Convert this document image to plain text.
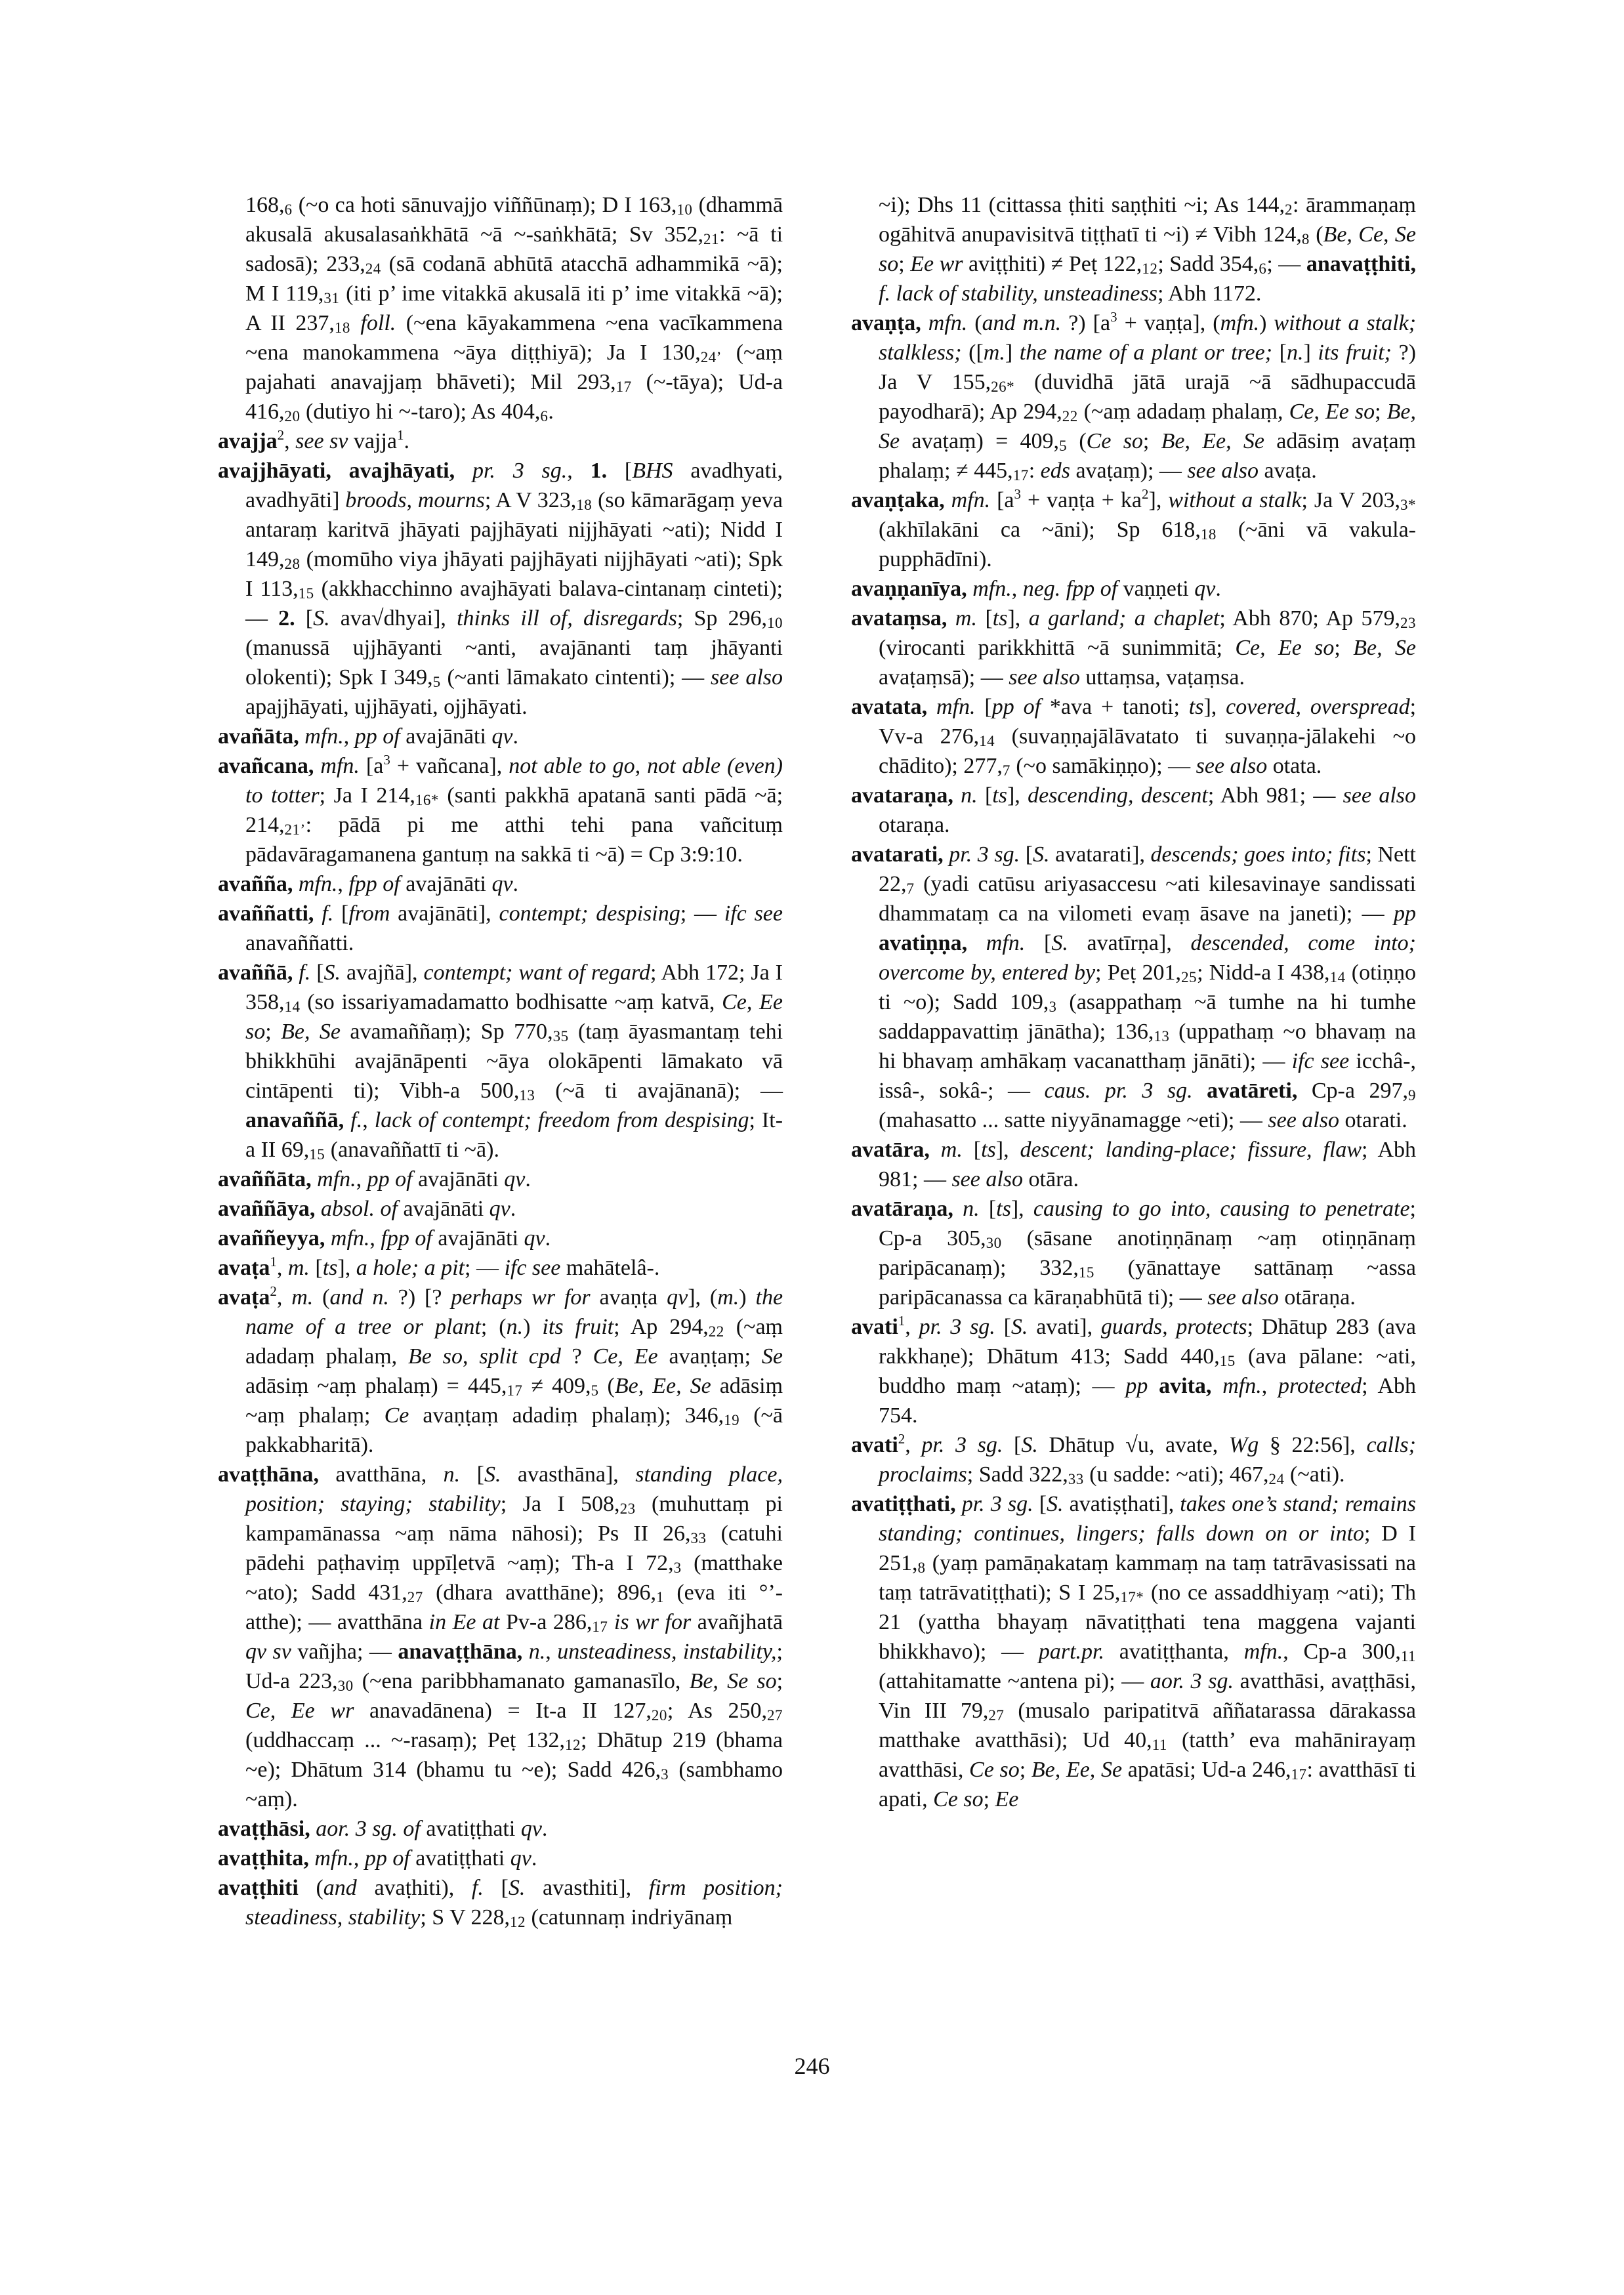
168,6 (~o ca hoti sānuvajjo viññūnaṃ); D I 163,10 (dhammā akusalā akusalasaṅkhātā ~ā ~-saṅkhātā; Sv 352,21: ~ā ti sadosā); 233,24 (sā codanā abhūtā atacchā adhammikā ~ā); M I 119,31 (iti p’ ime vitakkā akusalā iti p’ ime vitakkā ~ā); A II 237,18 foll. (~ena kāyakammena ~ena vacīkammena ~ena manokammena ~āya diṭṭhiyā); Ja I 130,24’ (~aṃ pajahati anavajjaṃ bhāveti); Mil 293,17 (~-tāya); Ud-a 416,20 (dutiyo hi ~-taro); As 404,6.

avajja$^2$, see sv vajja$^1$.

avajjhāyati, avajhāyati, pr. 3 sg., 1. [BHS avadhyati, avadhyāti] broods, mourns; A V 323,18 (so kāmarāgaṃ yeva antaraṃ karitvā jhāyati pajjhāyati nijjhāyati ~ati); Nidd I 149,28 (momūho viya jhāyati pajjhāyati nijjhāyati ~ati); Spk I 113,15 (akkhacchinno avajhāyati balava-cintanaṃ cinteti); — 2. [S. ava√dhyai], thinks ill of, disregards; Sp 296,10 (manussā ujjhāyanti ~anti, avajānanti taṃ jhāyanti olokenti); Spk I 349,5 (~anti lāmakato cintenti); — see also apajjhāyati, ujjhāyati, ojjhāyati.

avañāta, mfn., pp of avajānāti qv.

avañcana, mfn. [$a^3$ + vañcana], not able to go, not able (even) to totter; Ja I 214,16* (santi pakkhā apatanā santi pādā ~ā; 214,21’: pādā pi me atthi tehi pana vañcituṃ pādavāragamanena gantuṃ na sakkā ti ~ā) = Cp 3:9:10.

avañña, mfn., fpp of avajānāti qv.

avaññatti, f. [from avajānāti], contempt; despising; — ifc see anavaññatti.

avaññā, f. [S. avajñā], contempt; want of regard; Abh 172; Ja I 358,14 (so issariyamadamatto bodhisatte ~aṃ katvā, Ce, Ee so; Be, Se avamaññaṃ); Sp 770,35 (taṃ āyasmantaṃ tehi bhikkhūhi avajānāpenti ~āya olokāpenti lāmakato vā cintāpenti ti); Vibh-a 500,13 (~ā ti avajānanā); — anavaññā, f., lack of contempt; freedom from despising; It-a II 69,15 (anavaññattī ti ~ā).

avaññāta, mfn., pp of avajānāti qv.

avaññāya, absol. of avajānāti qv.

avaññeyya, mfn., fpp of avajānāti qv.

avaṭa$^1$, m. [ts], a hole; a pit; — ifc see mahātelâ-.

avaṭa$^2$, m. (and n. ?) [? perhaps wr for avaṇṭa qv], (m.) the name of a tree or plant; (n.) its fruit; Ap 294,22 (~aṃ adadaṃ phalaṃ, Be so, split cpd ? Ce, Ee avaṇṭaṃ; Se adāsiṃ ~aṃ phalaṃ) = 445,17 ≠ 409,5 (Be, Ee, Se adāsiṃ ~aṃ phalaṃ; Ce avaṇṭaṃ adadiṃ phalaṃ); 346,19 (~ā pakkabharitā).

avaṭṭhāna, avatthāna, n. [S. avasthāna], standing place, position; staying; stability; Ja I 508,23 (muhuttaṃ pi kampamānassa ~aṃ nāma nāhosi); Ps II 26,33 (catuhi pādehi paṭhaviṃ uppīḷetvā ~aṃ); Th-a I 72,3 (matthake ~ato); Sadd 431,27 (dhara avatthāne); 896,1 (eva iti °’-atthe); — avatthāna in Ee at Pv-a 286,17 is wr for avañjhatā qv sv vañjha; — anavaṭṭhāna, n., unsteadiness, instability,; Ud-a 223,30 (~ena paribbhamanato gamanasīlo, Be, Se so; Ce, Ee wr anavadānena) = It-a II 127,20; As 250,27 (uddhaccaṃ ... ~-rasaṃ); Peṭ 132,12; Dhātup 219 (bhama ~e); Dhātum 314 (bhamu tu ~e); Sadd 426,3 (sambhamo ~aṃ).

avaṭṭhāsi, aor. 3 sg. of avatiṭṭhati qv.

avaṭṭhita, mfn., pp of avatiṭṭhati qv.

avaṭṭhiti (and avaṭhiti), f. [S. avasthiti], firm position; steadiness, stability; S V 228,12 (catunnaṃ indriyānaṃ

~i); Dhs 11 (cittassa ṭhiti saṇṭhiti ~i; As 144,2: ārammaṇaṃ ogāhitvā anupavisitvā tiṭṭhatī ti ~i) ≠ Vibh 124,8 (Be, Ce, Se so; Ee wr aviṭṭhiti) ≠ Peṭ 122,12; Sadd 354,6; — anavaṭṭhiti, f. lack of stability, unsteadiness; Abh 1172.

avaṇṭa, mfn. (and m.n. ?) [$a^3$ + vaṇṭa], (mfn.) without a stalk; stalkless; ([m.] the name of a plant or tree; [n.] its fruit; ?) Ja V 155,26* (duvidhā jātā urajā ~ā sādhupaccudā payodharā); Ap 294,22 (~aṃ adadaṃ phalaṃ, Ce, Ee so; Be, Se avaṭaṃ) = 409,5 (Ce so; Be, Ee, Se adāsiṃ avaṭaṃ phalaṃ; ≠ 445,17: eds avaṭaṃ); — see also avaṭa.

avaṇṭaka, mfn. [$a^3$ + vaṇṭa + $ka^2$], without a stalk; Ja V 203,3* (akhīlakāni ca ~āni); Sp 618,18 (~āni vā vakula-pupphādīni).

avaṇṇanīya, mfn., neg. fpp of vaṇṇeti qv.

avataṃsa, m. [ts], a garland; a chaplet; Abh 870; Ap 579,23 (virocanti parikkhittā ~ā sunimmitā; Ce, Ee so; Be, Se avaṭaṃsā); — see also uttaṃsa, vaṭaṃsa.

avatata, mfn. [pp of *ava + tanoti; ts], covered, overspread; Vv-a 276,14 (suvaṇṇajālāvatato ti suvaṇṇa-jālakehi ~o chādito); 277,7 (~o samākiṇṇo); — see also otata.

avataraṇa, n. [ts], descending, descent; Abh 981; — see also otaraṇa.

avatarati, pr. 3 sg. [S. avatarati], descends; goes into; fits; Nett 22,7 (yadi catūsu ariyasaccesu ~ati kilesavinaye sandissati dhammataṃ ca na vilometi evaṃ āsave na janeti); — pp avatiṇṇa, mfn. [S. avatīrṇa], descended, come into; overcome by, entered by; Peṭ 201,25; Nidd-a I 438,14 (otiṇṇo ti ~o); Sadd 109,3 (asappathaṃ ~ā tumhe na hi tumhe saddappavattiṃ jānātha); 136,13 (uppathaṃ ~o bhavaṃ na hi bhavaṃ amhākaṃ vacanatthaṃ jānāti); — ifc see icchâ-, issâ-, sokâ-; — caus. pr. 3 sg. avatāreti, Cp-a 297,9 (mahasatto ... satte niyyānamagge ~eti); — see also otarati.

avatāra, m. [ts], descent; landing-place; fissure, flaw; Abh 981; — see also otāra.

avatāraṇa, n. [ts], causing to go into, causing to penetrate; Cp-a 305,30 (sāsane anotiṇṇānaṃ ~aṃ otiṇṇānaṃ paripācanaṃ); 332,15 (yānattaye sattānaṃ ~assa paripācanassa ca kāraṇabhūtā ti); — see also otāraṇa.

avati$^1$, pr. 3 sg. [S. avati], guards, protects; Dhātup 283 (ava rakkhaṇe); Dhātum 413; Sadd 440,15 (ava pālane: ~ati, buddho maṃ ~ataṃ); — pp avita, mfn., protected; Abh 754.

avati$^2$, pr. 3 sg. [S. Dhātup √u, avate, Wg § 22:56], calls; proclaims; Sadd 322,33 (u sadde: ~ati); 467,24 (~ati).

avatiṭṭhati, pr. 3 sg. [S. avatiṣṭhati], takes one’s stand; remains standing; continues, lingers; falls down on or into; D I 251,8 (yaṃ pamāṇakataṃ kammaṃ na taṃ tatrāvasissati na taṃ tatrāvatiṭṭhati); S I 25,17* (no ce assaddhiyaṃ ~ati); Th 21 (yattha bhayaṃ nāvatiṭṭhati tena maggena vajanti bhikkhavo); — part.pr. avatiṭṭhanta, mfn., Cp-a 300,11 (attahitamatte ~antena pi); — aor. 3 sg. avatthāsi, avaṭṭhāsi, Vin III 79,27 (musalo paripatitvā aññatarassa dārakassa matthake avatthāsi); Ud 40,11 (tatth’ eva mahānirayaṃ avatthāsi, Ce so; Be, Ee, Se apatāsi; Ud-a 246,17: avatthāsī ti apati, Ce so; Ee

246
